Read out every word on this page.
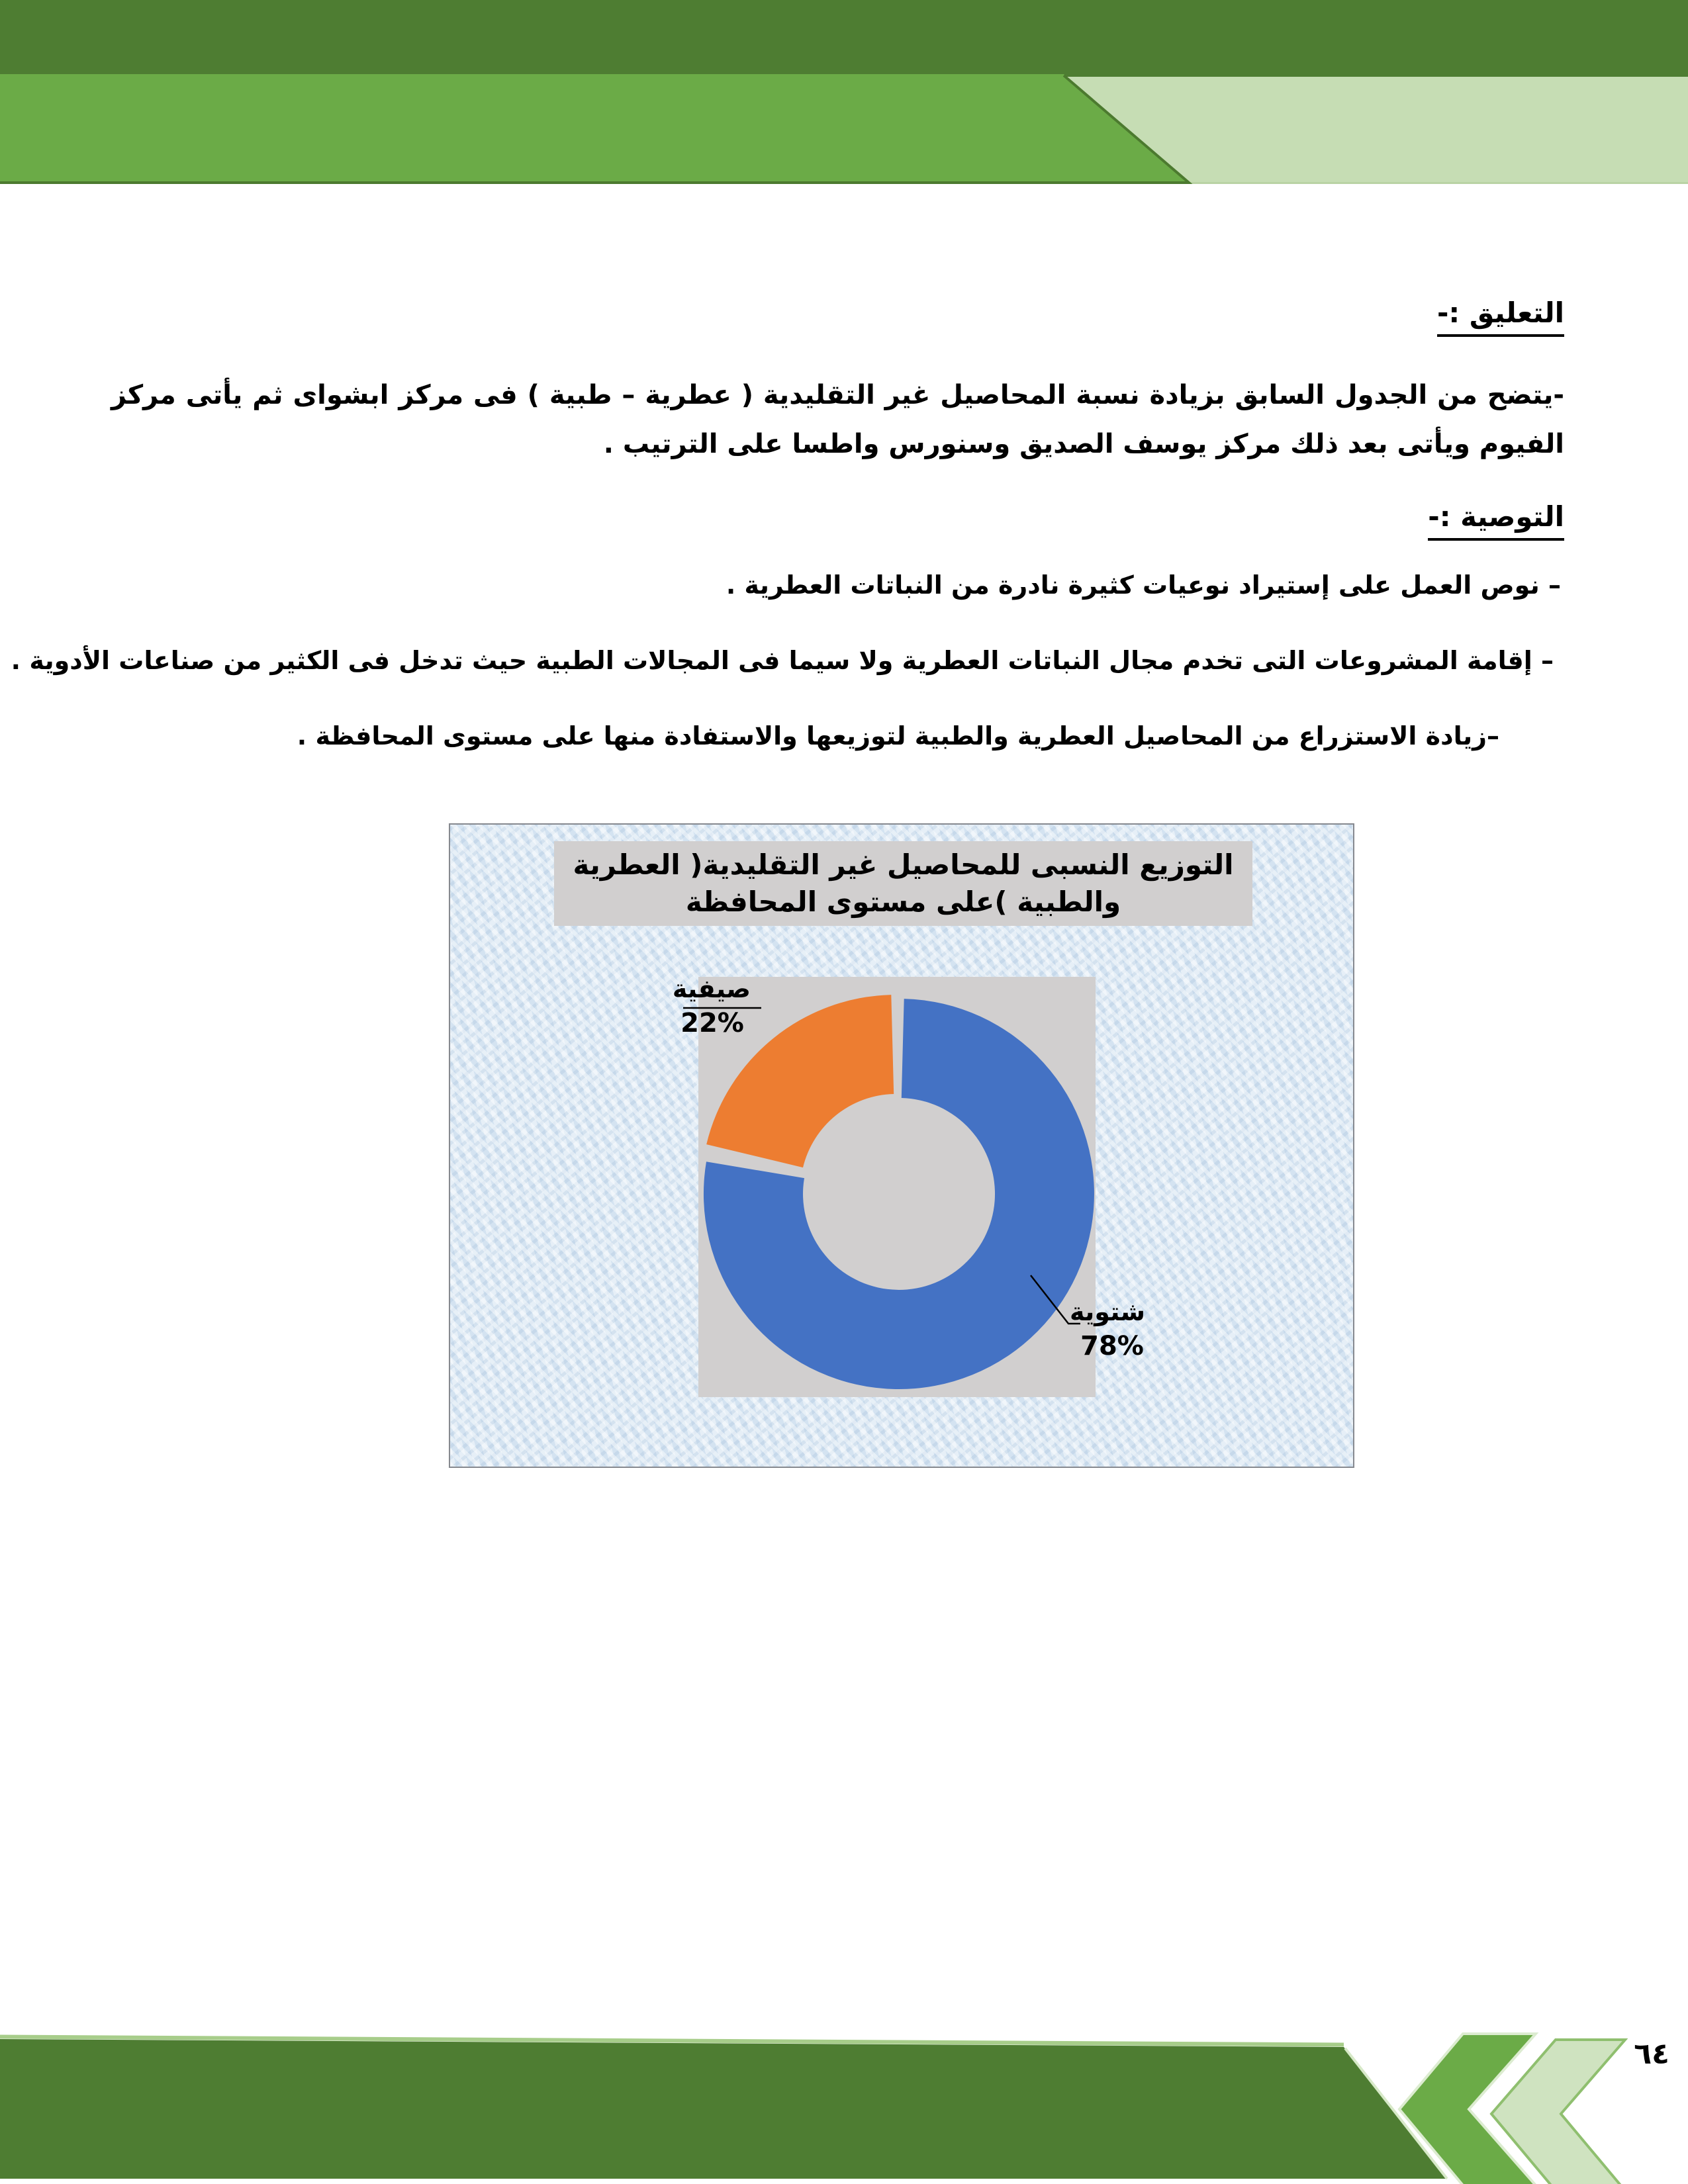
التعليق :-
-يتضح من الجدول السابق بزيادة نسبة المحاصيل غير التقليدية ( عطرية – طبية ) فى مركز ابشواى ثم يأتى مركز الفيوم ويأتى بعد ذلك مركز يوسف الصديق وسنورس واطسا على الترتيب .
التوصية :-
– نوص العمل على إستيراد نوعيات كثيرة نادرة من النباتات العطرية .
– إقامة المشروعات التى تخدم مجال النباتات العطرية ولا سيما فى المجالات الطبية حيث تدخل فى الكثير من صناعات الأدوية .
–زيادة الاستزراع من المحاصيل العطرية والطبية لتوزيعها والاستفادة منها على مستوى المحافظة .
التوزيع النسبى للمحاصيل غير التقليدية( العطرية والطبية )على مستوى المحافظة
صيفية
22%
شتوية
78%
٦٤
